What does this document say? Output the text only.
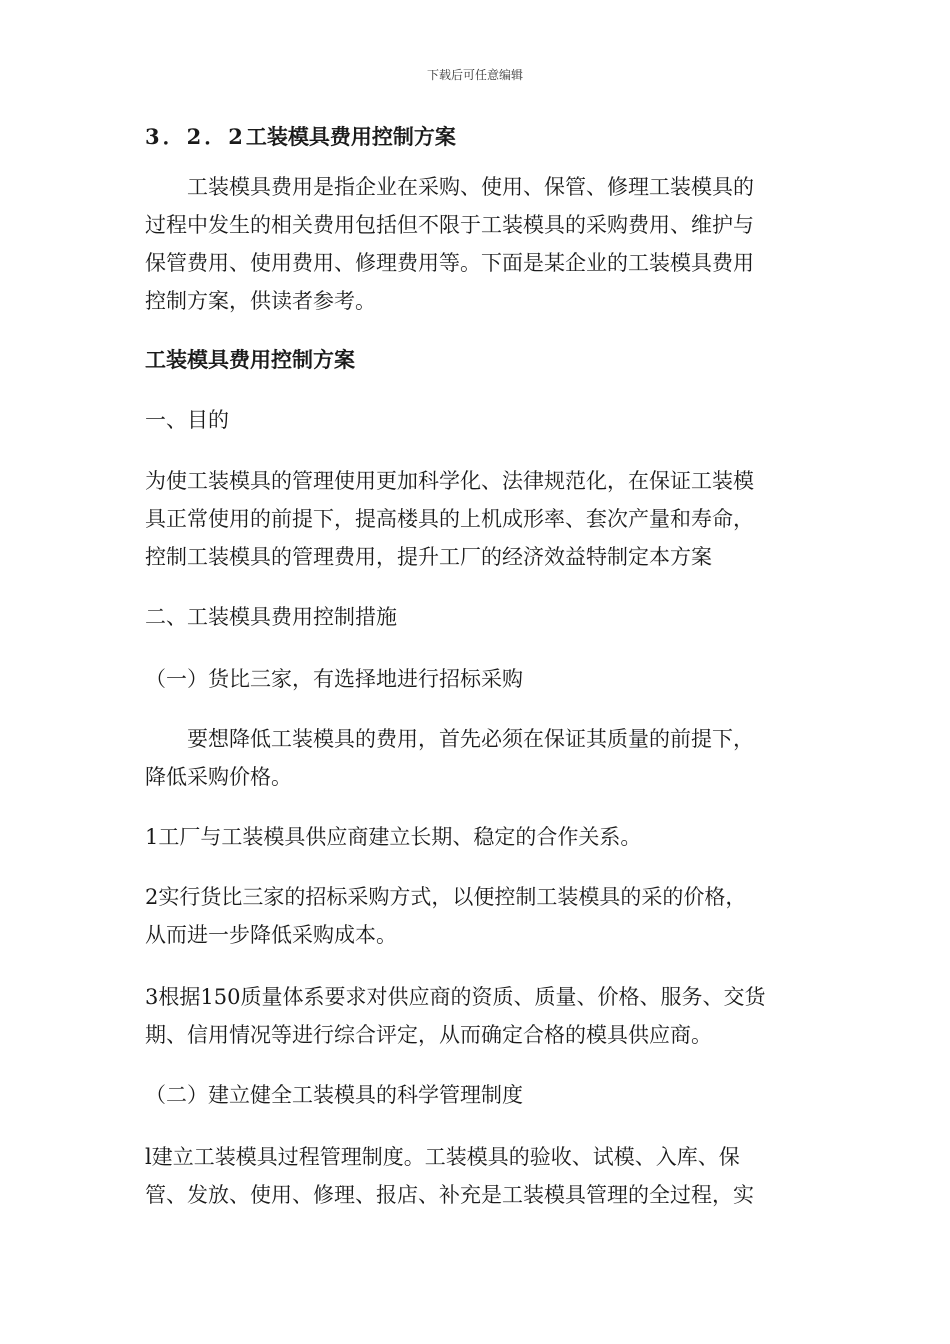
下载后可任意编辑
3．2．2工装模具费用控制方案
工装模具费用是指企业在采购、使用、保管、修理工装模具的
过程中发生的相关费用包括但不限于工装模具的采购费用、维护与
保管费用、使用费用、修理费用等。下面是某企业的工装模具费用
控制方案，供读者参考。
工装模具费用控制方案
一、目的
为使工装模具的管理使用更加科学化、法律规范化，在保证工装模
具正常使用的前提下，提高楼具的上机成形率、套次产量和寿命，
控制工装模具的管理费用，提升工厂的经济效益特制定本方案
二、工装模具费用控制措施
（一）货比三家，有选择地进行招标采购
要想降低工装模具的费用，首先必须在保证其质量的前提下，
降低采购价格。
1工厂与工装模具供应商建立长期、稳定的合作关系。
2实行货比三家的招标采购方式，以便控制工装模具的采的价格，
从而进一步降低采购成本。
3根据150质量体系要求对供应商的资质、质量、价格、服务、交货
期、信用情况等进行综合评定，从而确定合格的模具供应商。
（二）建立健全工装模具的科学管理制度
l建立工装模具过程管理制度。工装模具的验收、试模、入库、保
管、发放、使用、修理、报店、补充是工装模具管理的全过程，实
